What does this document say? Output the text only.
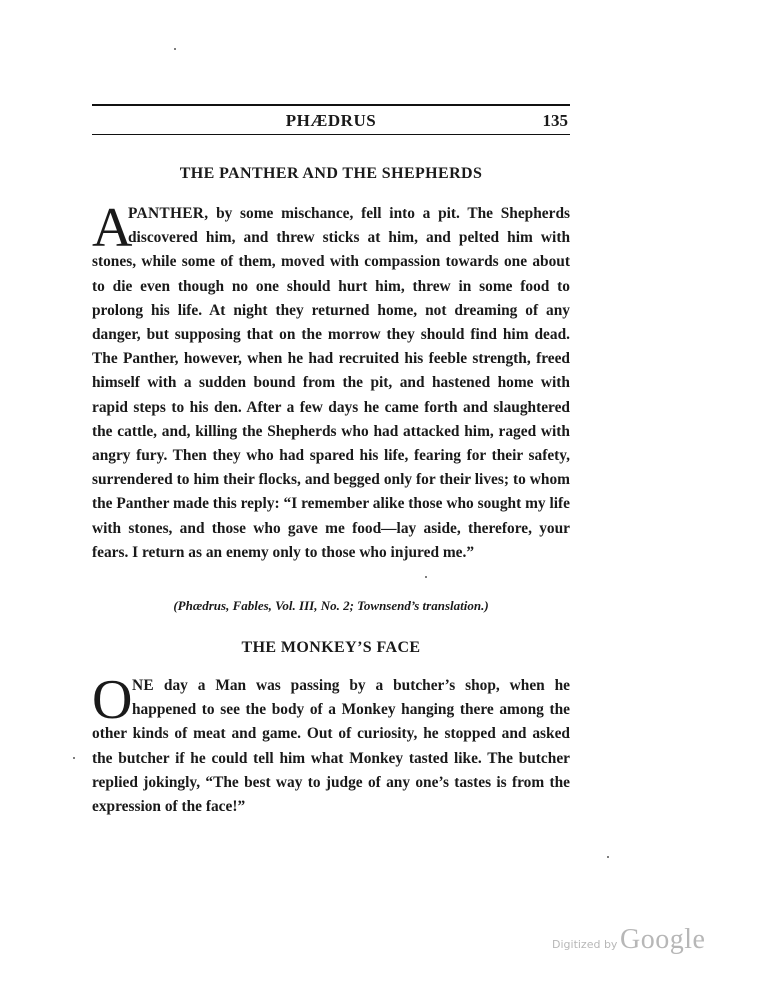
PHÆDRUS	135
THE PANTHER AND THE SHEPHERDS

A
PANTHER, by some mischance, fell into a pit. The Shepherds discovered him, and threw sticks at him, and pelted him with stones, while some of them, moved with compassion towards one about to die even though no one should hurt him, threw in some food to prolong his life. At night they returned home, not dreaming of any danger, but supposing that on the morrow they should find him dead. The Panther, however, when he had recruited his feeble strength, freed himself with a sudden bound from the pit, and hastened home with rapid steps to his den. After a few days he came forth and slaughtered the cattle, and, killing the Shepherds who had attacked him, raged with angry fury. Then they who had spared his life, fearing for their safety, surrendered to him their flocks, and begged only for their lives; to whom the Panther made this reply: “I remember alike those who sought my life with stones, and those who gave me food—lay aside, therefore, your fears. I return as an enemy only to those who injured me.”

(Phædrus, Fables, Vol. III, No. 2; Townsend’s translation.)
THE MONKEY’S FACE

ONE day a Man was passing by a butcher’s shop, when he happened to see the body of a Monkey hanging there among the other kinds of meat and game. Out of curiosity, he stopped and asked the butcher if he could tell him what Monkey tasted like. The butcher replied jokingly, “The best way to judge of any one’s tastes is from the expression of the face!”

Digitized by Google
